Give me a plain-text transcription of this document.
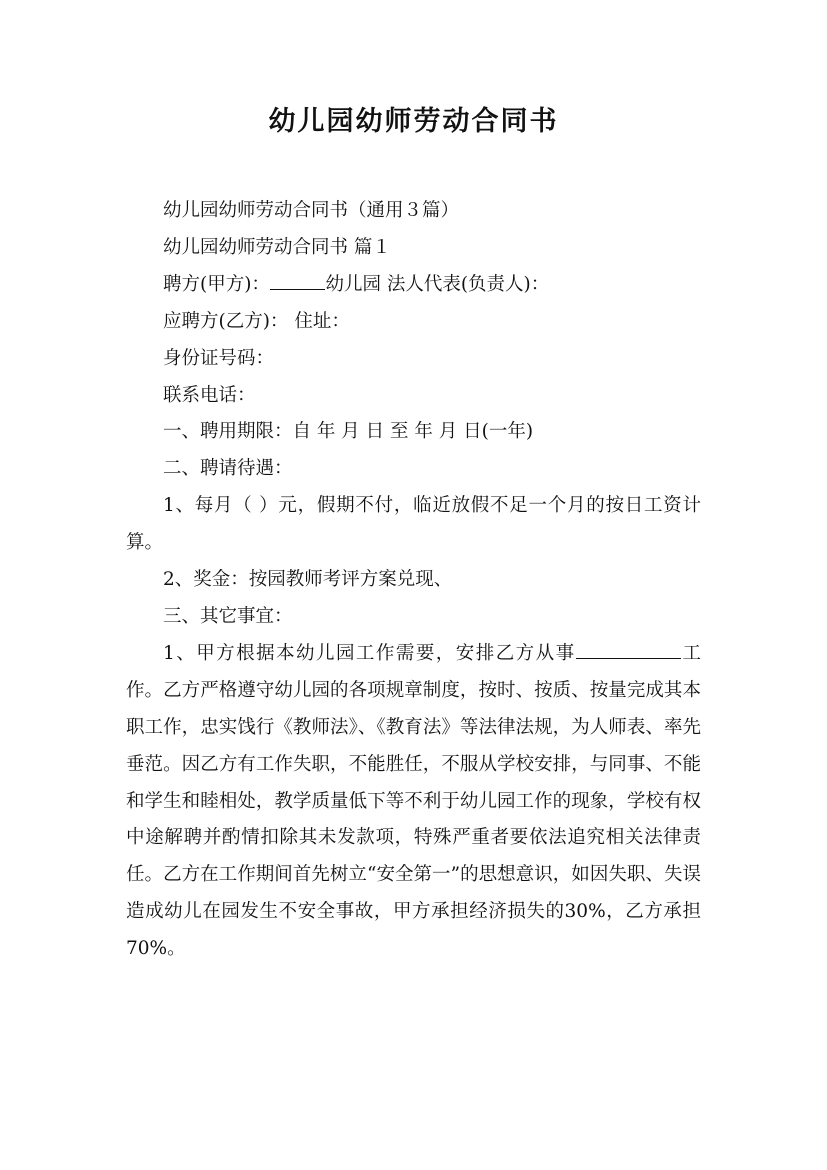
幼儿园幼师劳动合同书

幼儿园幼师劳动合同书（通用３篇）

幼儿园幼师劳动合同书 篇１

聘方(甲方)：	幼儿园 法人代表(负责人)：

应聘方(乙方)： 住址：

身份证号码：

联系电话：

一、聘用期限：自 年 月 日 至 年 月 日(一年)

二、聘请待遇：

1、每月（ ）元，假期不付，临近放假不足一个月的按日工资计算。

2、奖金：按园教师考评方案兑现、

三、其它事宜：

1、甲方根据本幼儿园工作需要，安排乙方从事	工作。乙方严格遵守幼儿园的各项规章制度，按时、按质、按量完成其本职工作，忠实饯行《教师法》、《教育法》等法律法规，为人师表、率先垂范。因乙方有工作失职，不能胜任，不服从学校安排，与同事、不能和学生和睦相处，教学质量低下等不利于幼儿园工作的现象，学校有权中途解聘并酌情扣除其未发款项，特殊严重者要依法追究相关法律责任。乙方在工作期间首先树立“安全第一”的思想意识，如因失职、失误造成幼儿在园发生不安全事故，甲方承担经济损失的30%，乙方承担70%。
